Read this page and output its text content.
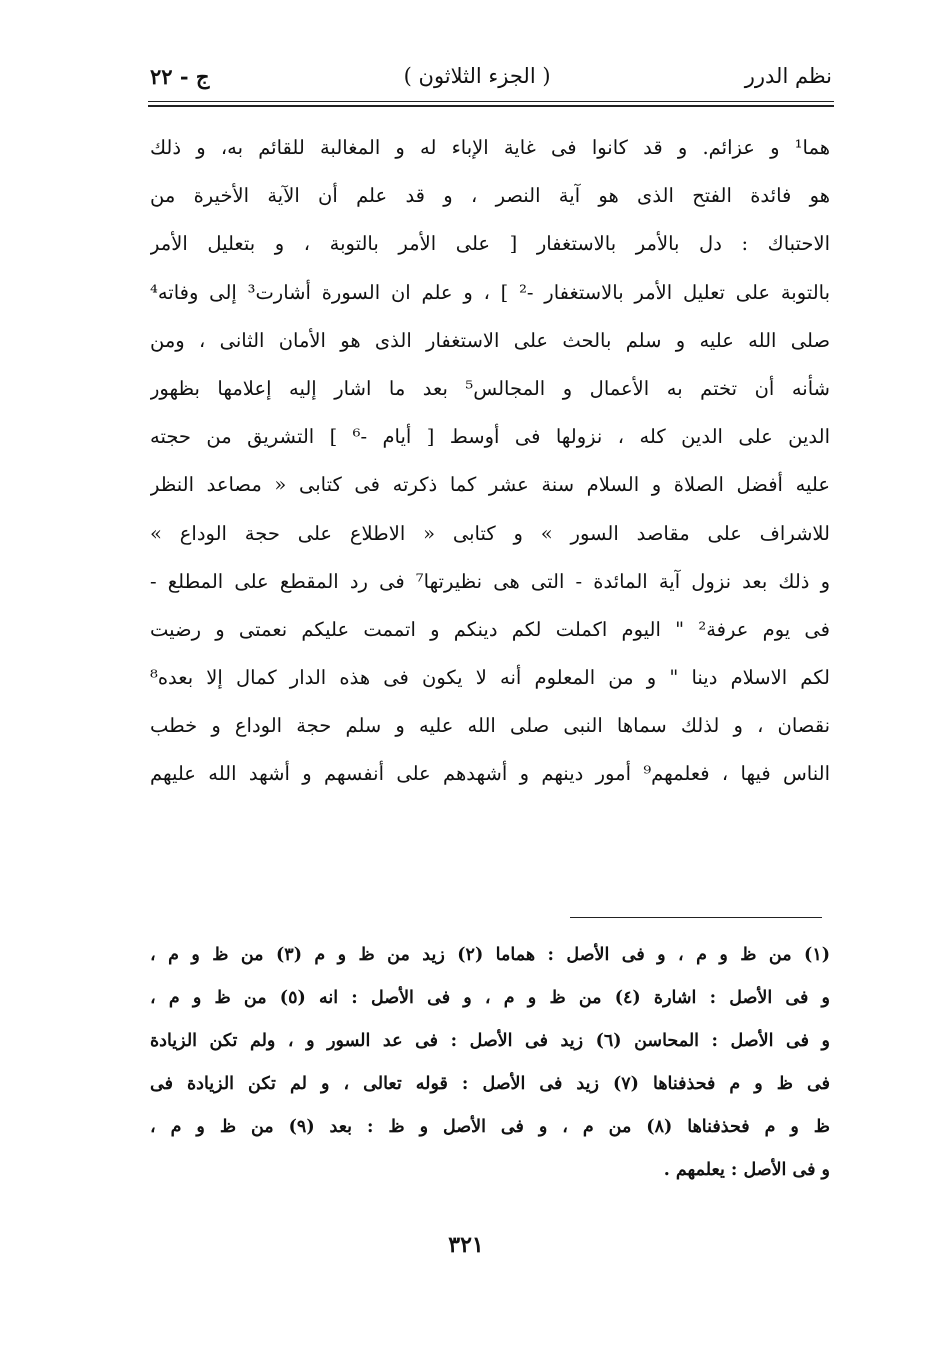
نظم الدرر
( الجزء الثلاثون )
ج - ٢٢
هما¹ و عزائم. و قد كانوا فى غاية الإباء له و المغالبة للقائم به، و ذلك
هو فائدة الفتح الذى هو آية النصر ، و قد علم أن الآية الأخيرة من
الاحتباك : دل بالأمر بالاستغفار [ على الأمر بالتوبة ، و بتعليل الأمر
بالتوبة على تعليل الأمر بالاستغفار -² ] ، و علم ان السورة أشارت³ إلى وفاته⁴
صلى الله عليه و سلم بالحث على الاستغفار الذى هو الأمان الثانى ، ومن
شأنه أن تختم به الأعمال و المجالس⁵ بعد ما اشار إليه إعلامها بظهور
الدين على الدين كله ، نزولها فى أوسط [ أيام -⁶ ] التشريق من حجته
عليه أفضل الصلاة و السلام سنة عشر كما ذكرته فى كتابى « مصاعد النظر
للاشراف على مقاصد السور » و كتابى « الاطلاع على حجة الوداع »
و ذلك بعد نزول آية المائدة - التى هى نظيرتها⁷ فى رد المقطع على المطلع -
فى يوم عرفة² " اليوم اكملت لكم دينكم و اتممت عليكم نعمتى و رضيت
لكم الاسلام دينا " و من المعلوم أنه لا يكون فى هذه الدار كمال إلا بعده⁸
نقصان ، و لذلك سماها النبى صلى الله عليه و سلم حجة الوداع و خطب
الناس فيها ، فعلمهم⁹ أمور دينهم و أشهدهم على أنفسهم و أشهد الله عليهم
(١) من ظ و م ، و فى الأصل : هماما (٢) زيد من ظ و م (٣) من ظ و م ،
و فى الأصل : اشارة (٤) من ظ و م ، و فى الأصل : انه (٥) من ظ و م ،
و فى الأصل : المحاسن (٦) زيد فى الأصل : فى عد السور و ، ولم تكن الزيادة
فى ظ و م فحذفناها (٧) زيد فى الأصل : قوله تعالى ، و لم تكن الزيادة فى
ظ و م فحذفناها (٨) من م ، و فى الأصل و ظ : بعد (٩) من ظ و م ،
و فى الأصل : يعلمهم .
٣٢١
